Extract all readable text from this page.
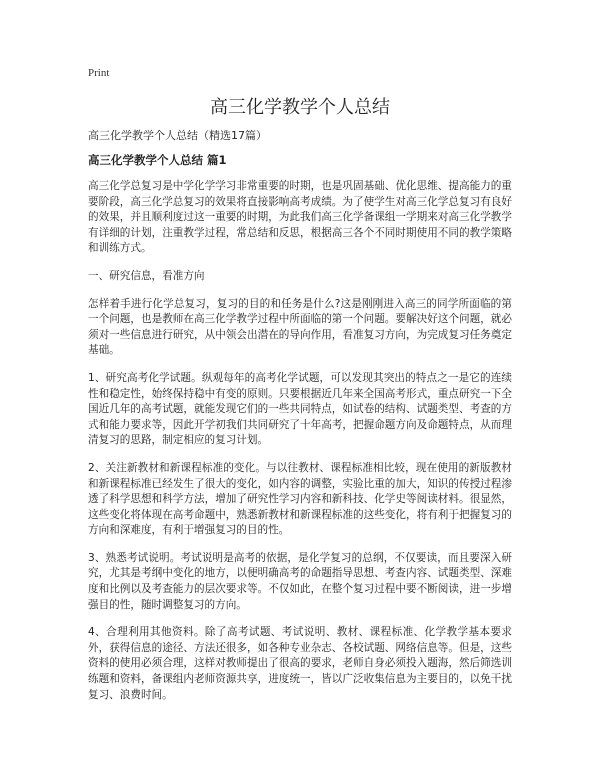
Print
高三化学教学个人总结
高三化学教学个人总结（精选17篇）
高三化学教学个人总结 篇1

高三化学总复习是中学化学学习非常重要的时期，也是巩固基础、优化思维、提高能力的重要阶段，高三化学总复习的效果将直接影响高考成绩。为了使学生对高三化学总复习有良好的效果，并且顺利度过这一重要的时期，为此我们高三化学备课组一学期来对高三化学教学有详细的计划，注重教学过程，常总结和反思，根据高三各个不同时期使用不同的教学策略和训练方式。

一、研究信息，看准方向

怎样着手进行化学总复习，复习的目的和任务是什么?这是刚刚进入高三的同学所面临的第一个问题，也是教师在高三化学教学过程中所面临的第一个问题。要解决好这个问题，就必须对一些信息进行研究，从中领会出潜在的导向作用，看准复习方向，为完成复习任务奠定基础。

1、研究高考化学试题。纵观每年的高考化学试题，可以发现其突出的特点之一是它的连续性和稳定性，始终保持稳中有变的原则。只要根据近几年来全国高考形式，重点研究一下全国近几年的高考试题，就能发现它们的一些共同特点，如试卷的结构、试题类型、考查的方式和能力要求等，因此开学初我们共同研究了十年高考，把握命题方向及命题特点，从而理清复习的思路，制定相应的复习计划。

2、关注新教材和新课程标准的变化。与以往教材、课程标准相比较，现在使用的新版教材和新课程标准已经发生了很大的变化，如内容的调整，实验比重的加大，知识的传授过程渗透了科学思想和科学方法，增加了研究性学习内容和新科技、化学史等阅读材料。很显然，这些变化将体现在高考命题中，熟悉新教材和新课程标准的这些变化，将有利于把握复习的方向和深难度，有利于增强复习的目的性。

3、熟悉考试说明。考试说明是高考的依据，是化学复习的总纲，不仅要读，而且要深入研究，尤其是考纲中变化的地方，以便明确高考的命题指导思想、考查内容、试题类型、深难度和比例以及考查能力的层次要求等。不仅如此，在整个复习过程中要不断阅读，进一步增强目的性，随时调整复习的方向。

4、合理利用其他资料。除了高考试题、考试说明、教材、课程标准、化学教学基本要求外，获得信息的途径、方法还很多，如各种专业杂志、各校试题、网络信息等。但是，这些资料的使用必须合理，这样对教师提出了很高的要求，老师自身必须投入题海，然后筛选训练题和资料，备课组内老师资源共享，进度统一，皆以广泛收集信息为主要目的，以免干扰复习、浪费时间。
